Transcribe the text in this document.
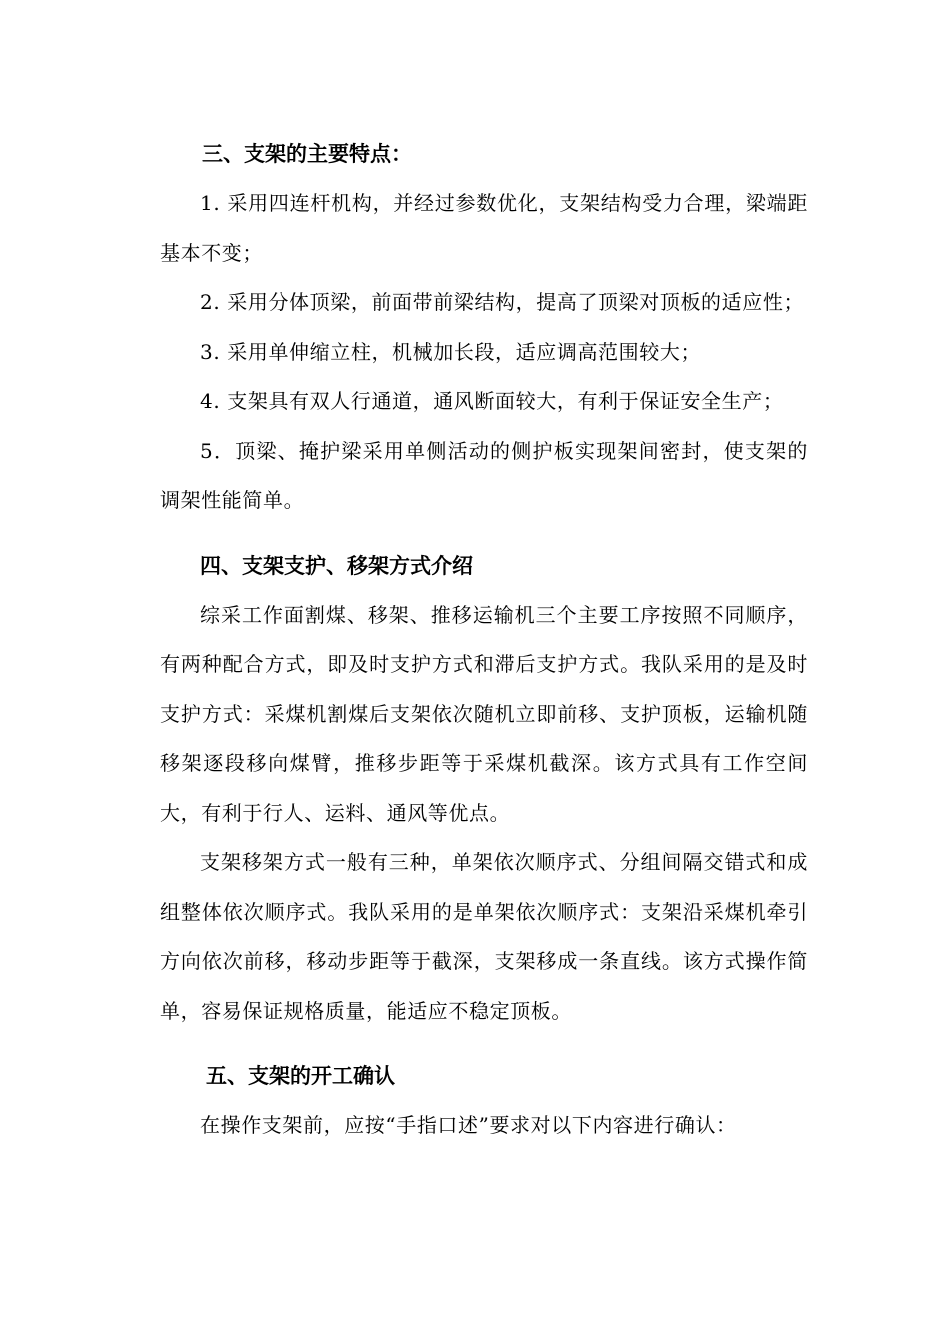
三、支架的主要特点：

1. 采用四连杆机构，并经过参数优化，支架结构受力合理，梁端距基本不变；

2. 采用分体顶梁，前面带前梁结构，提高了顶梁对顶板的适应性；

3. 采用单伸缩立柱，机械加长段，适应调高范围较大；

4. 支架具有双人行通道，通风断面较大，有利于保证安全生产；

5．顶梁、掩护梁采用单侧活动的侧护板实现架间密封，使支架的调架性能简单。

四、支架支护、移架方式介绍

综采工作面割煤、移架、推移运输机三个主要工序按照不同顺序，有两种配合方式，即及时支护方式和滞后支护方式。我队采用的是及时支护方式：采煤机割煤后支架依次随机立即前移、支护顶板，运输机随移架逐段移向煤臂，推移步距等于采煤机截深。该方式具有工作空间大，有利于行人、运料、通风等优点。

支架移架方式一般有三种，单架依次顺序式、分组间隔交错式和成组整体依次顺序式。我队采用的是单架依次顺序式：支架沿采煤机牵引方向依次前移，移动步距等于截深，支架移成一条直线。该方式操作简单，容易保证规格质量，能适应不稳定顶板。

五、支架的开工确认

在操作支架前，应按“手指口述”要求对以下内容进行确认：
